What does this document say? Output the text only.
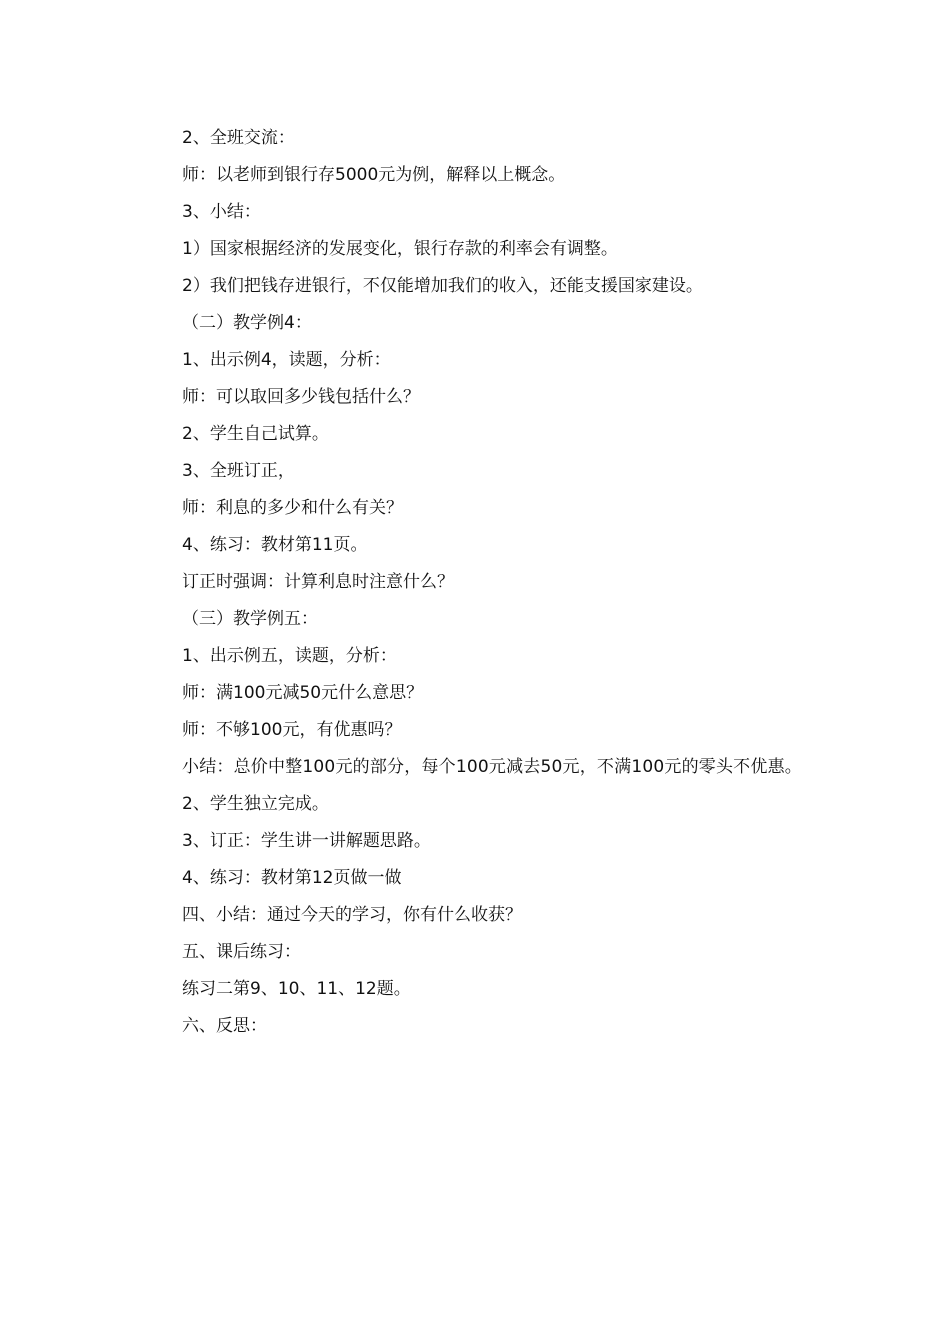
2、全班交流：

师：以老师到银行存5000元为例，解释以上概念。

3、小结：

1）国家根据经济的发展变化，银行存款的利率会有调整。

2）我们把钱存进银行，不仅能增加我们的收入，还能支援国家建设。

（二）教学例4：

1、出示例4，读题，分析：

师：可以取回多少钱包括什么？

2、学生自己试算。

3、全班订正，

师：利息的多少和什么有关？

4、练习：教材第11页。

订正时强调：计算利息时注意什么？

（三）教学例五：

1、出示例五，读题，分析：

师：满100元减50元什么意思？

师：不够100元，有优惠吗？

小结：总价中整100元的部分，每个100元减去50元，不满100元的零头不优惠。

2、学生独立完成。

3、订正：学生讲一讲解题思路。

4、练习：教材第12页做一做

四、小结：通过今天的学习，你有什么收获？

五、课后练习：

练习二第9、10、11、12题。

六、反思：
